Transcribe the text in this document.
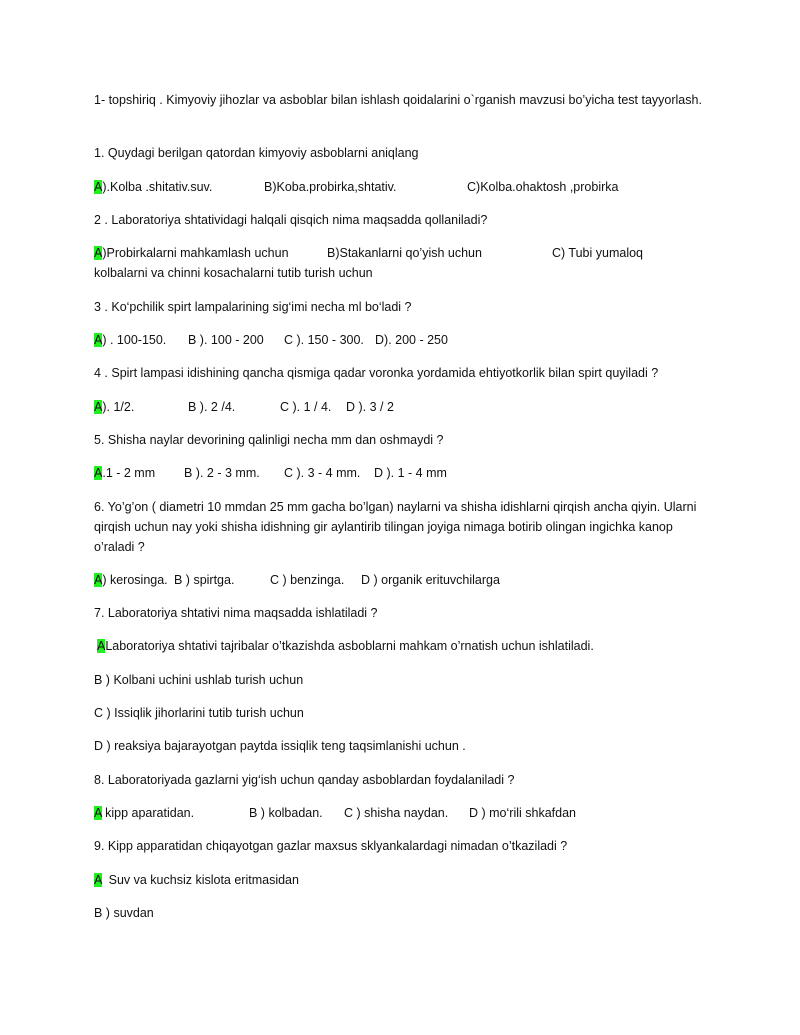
1- topshiriq . Kimyoviy jihozlar va asboblar bilan ishlash qoidalarini o`rganish mavzusi bo’yicha test tayyorlash.
1. Quydagi berilgan qatordan kimyoviy asboblarni aniqlang
A).Kolba .shitativ.suv.	B)Koba.probirka,shtativ.	C)Kolba.ohaktosh ,probirka
2 . Laboratoriya shtatividagi halqali qisqich nima maqsadda qollaniladi?
A)Probirkalarni mahkamlash uchun	B)Stakanlarni qo’yish uchun	C) Tubi yumaloq
kolbalarni va chinni kosachalarni tutib turish uchun
3 . Ko‘pchilik spirt lampalarining sig‘imi necha ml bo‘ladi ?
A) . 100-150. B ). 100 - 200 C ). 150 - 300. D). 200 - 250
4 . Spirt lampasi idishining qancha qismiga qadar voronka yordamida ehtiyotkorlik bilan spirt quyiladi ?
A). 1/2.	B ). 2 /4.	C ). 1 / 4. D ). 3 / 2
5. Shisha naylar devorining qalinligi necha mm dan oshmaydi ?
A.1 - 2 mm B ). 2 - 3 mm. C ). 3 - 4 mm. D ). 1 - 4 mm
6. Yo’g’on ( diametri 10 mmdan 25 mm gacha bo’lgan) naylarni va shisha idishlarni qirqish ancha qiyin. Ularni qirqish uchun nay yoki shisha idishning gir aylantirib tilingan joyiga nimaga botirib olingan ingichka kanop o’raladi ?
A) kerosinga. B ) spirtga.	C ) benzinga. D ) organik erituvchilarga
7. Laboratoriya shtativi nima maqsadda ishlatiladi ?
ALaboratoriya shtativi tajribalar o’tkazishda asboblarni mahkam o’rnatish uchun ishlatiladi.
B ) Kolbani uchini ushlab turish uchun
C ) Issiqlik jihorlarini tutib turish uchun
D ) reaksiya bajarayotgan paytda issiqlik teng taqsimlanishi uchun .
8. Laboratoriyada gazlarni yig‘ish uchun qanday asboblardan foydalaniladi ?
A kipp aparatidan.	B ) kolbadan. C ) shisha naydan. D ) mo‘rili shkafdan
9. Kipp apparatidan chiqayotgan gazlar maxsus sklyankalardagi nimadan o’tkaziladi ?
A  Suv va kuchsiz kislota eritmasidan
B ) suvdan
